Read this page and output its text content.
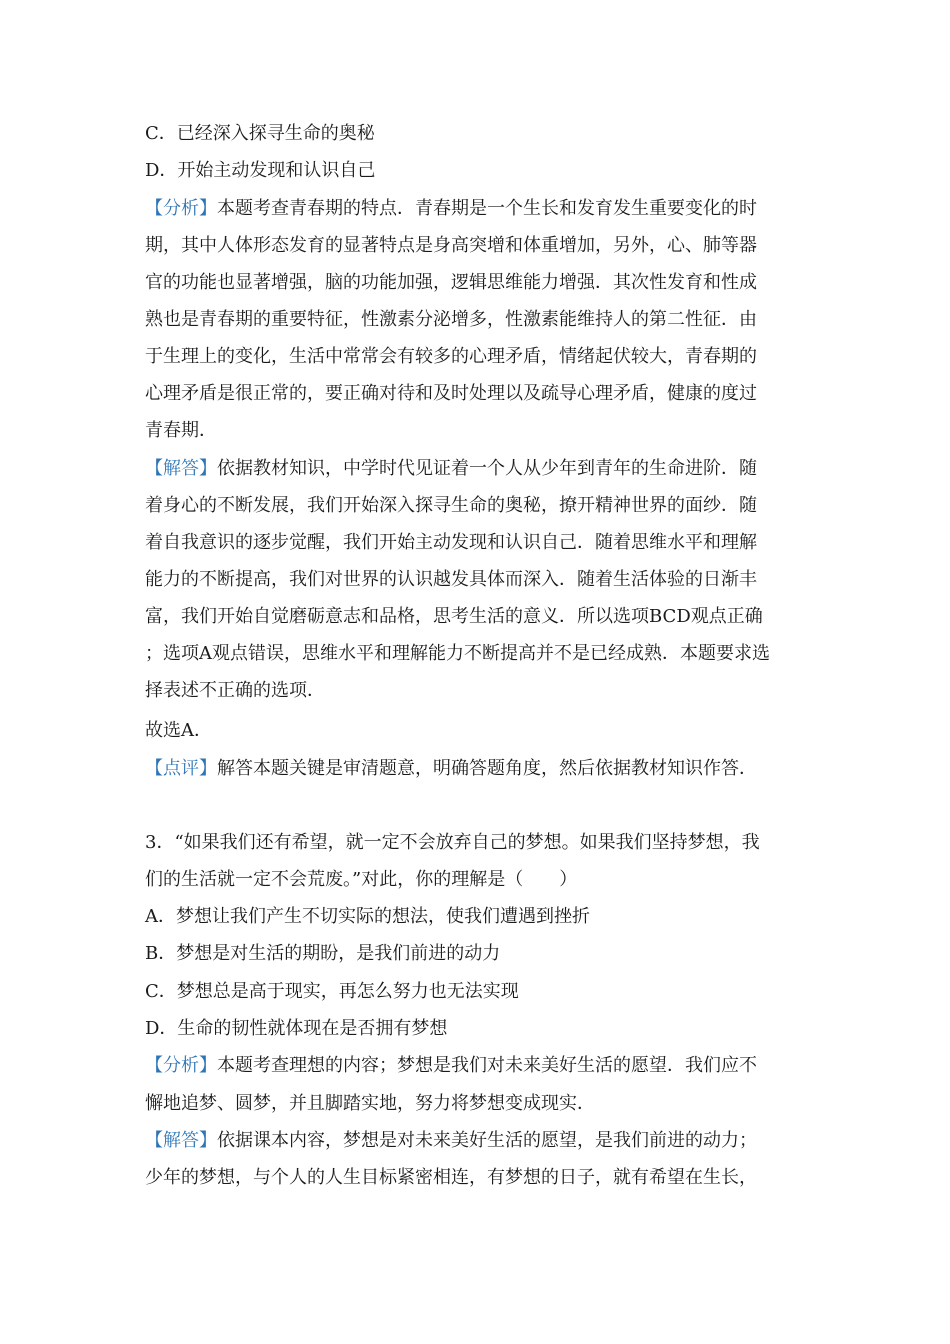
C．已经深入探寻生命的奥秘
D．开始主动发现和认识自己
【分析】本题考查青春期的特点．青春期是一个生长和发育发生重要变化的时
期，其中人体形态发育的显著特点是身高突增和体重增加，另外，心、肺等器
官的功能也显著增强，脑的功能加强，逻辑思维能力增强．其次性发育和性成
熟也是青春期的重要特征，性激素分泌增多，性激素能维持人的第二性征．由
于生理上的变化，生活中常常会有较多的心理矛盾，情绪起伏较大，青春期的
心理矛盾是很正常的，要正确对待和及时处理以及疏导心理矛盾，健康的度过
青春期．
【解答】依据教材知识，中学时代见证着一个人从少年到青年的生命进阶．随
着身心的不断发展，我们开始深入探寻生命的奥秘，撩开精神世界的面纱．随
着自我意识的逐步觉醒，我们开始主动发现和认识自己．随着思维水平和理解
能力的不断提高，我们对世界的认识越发具体而深入．随着生活体验的日渐丰
富，我们开始自觉磨砺意志和品格，思考生活的意义．所以选项BCD观点正确
；选项A观点错误，思维水平和理解能力不断提高并不是已经成熟．本题要求选
择表述不正确的选项．
故选A．
【点评】解答本题关键是审清题意，明确答题角度，然后依据教材知识作答．
3．“如果我们还有希望，就一定不会放弃自己的梦想。如果我们坚持梦想，我
们的生活就一定不会荒废。”对此，你的理解是（　　）
A．梦想让我们产生不切实际的想法，使我们遭遇到挫折
B．梦想是对生活的期盼，是我们前进的动力
C．梦想总是高于现实，再怎么努力也无法实现
D．生命的韧性就体现在是否拥有梦想
【分析】本题考查理想的内容；梦想是我们对未来美好生活的愿望．我们应不
懈地追梦、圆梦，并且脚踏实地，努力将梦想变成现实．
【解答】依据课本内容，梦想是对未来美好生活的愿望，是我们前进的动力；
少年的梦想，与个人的人生目标紧密相连，有梦想的日子，就有希望在生长，
